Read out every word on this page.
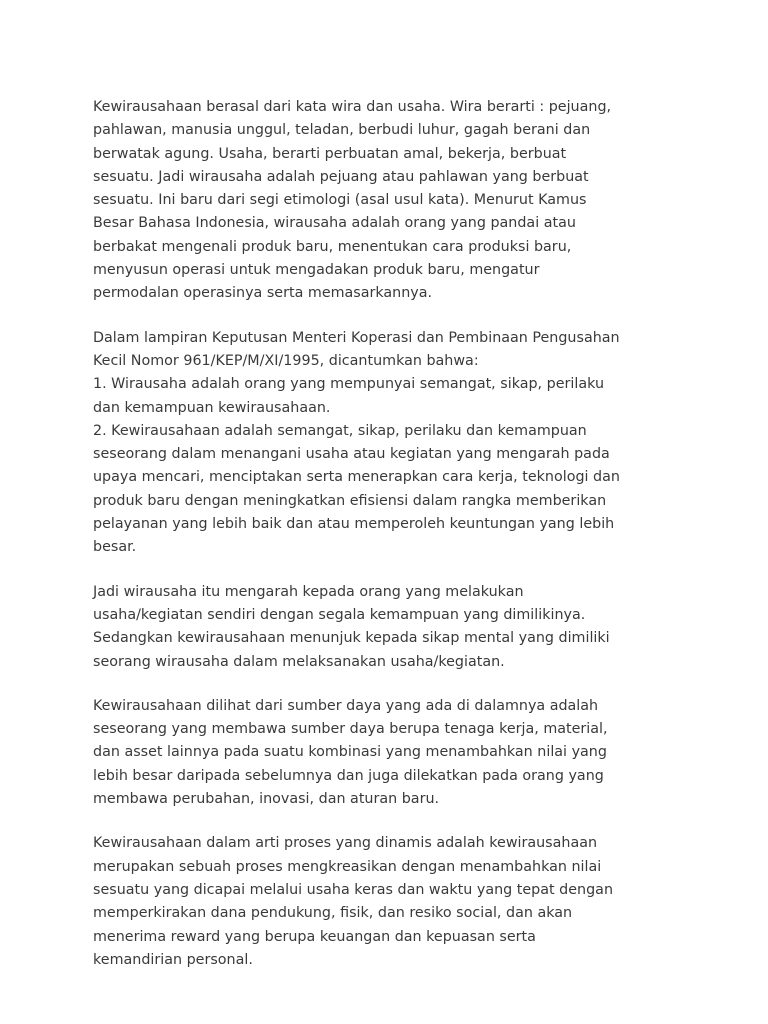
Kewirausahaan berasal dari kata wira dan usaha. Wira berarti : pejuang,
pahlawan, manusia unggul, teladan, berbudi luhur, gagah berani dan
berwatak agung. Usaha, berarti perbuatan amal, bekerja, berbuat
sesuatu. Jadi wirausaha adalah pejuang atau pahlawan yang berbuat
sesuatu. Ini baru dari segi etimologi (asal usul kata). Menurut Kamus
Besar Bahasa Indonesia, wirausaha adalah orang yang pandai atau
berbakat mengenali produk baru, menentukan cara produksi baru,
menyusun operasi untuk mengadakan produk baru, mengatur
permodalan operasinya serta memasarkannya.

Dalam lampiran Keputusan Menteri Koperasi dan Pembinaan Pengusahan
Kecil Nomor 961/KEP/M/XI/1995, dicantumkan bahwa:
1. Wirausaha adalah orang yang mempunyai semangat, sikap, perilaku
dan kemampuan kewirausahaan.
2. Kewirausahaan adalah semangat, sikap, perilaku dan kemampuan
seseorang dalam menangani usaha atau kegiatan yang mengarah pada
upaya mencari, menciptakan serta menerapkan cara kerja, teknologi dan
produk baru dengan meningkatkan efisiensi dalam rangka memberikan
pelayanan yang lebih baik dan atau memperoleh keuntungan yang lebih
besar.

Jadi wirausaha itu mengarah kepada orang yang melakukan
usaha/kegiatan sendiri dengan segala kemampuan yang dimilikinya.
Sedangkan kewirausahaan menunjuk kepada sikap mental yang dimiliki
seorang wirausaha dalam melaksanakan usaha/kegiatan.

Kewirausahaan dilihat dari sumber daya yang ada di dalamnya adalah
seseorang yang membawa sumber daya berupa tenaga kerja, material,
dan asset lainnya pada suatu kombinasi yang menambahkan nilai yang
lebih besar daripada sebelumnya dan juga dilekatkan pada orang yang
membawa perubahan, inovasi, dan aturan baru.

Kewirausahaan dalam arti proses yang dinamis adalah kewirausahaan
merupakan sebuah proses mengkreasikan dengan menambahkan nilai
sesuatu yang dicapai melalui usaha keras dan waktu yang tepat dengan
memperkirakan dana pendukung, fisik, dan resiko social, dan akan
menerima reward yang berupa keuangan dan kepuasan serta
kemandirian personal.
